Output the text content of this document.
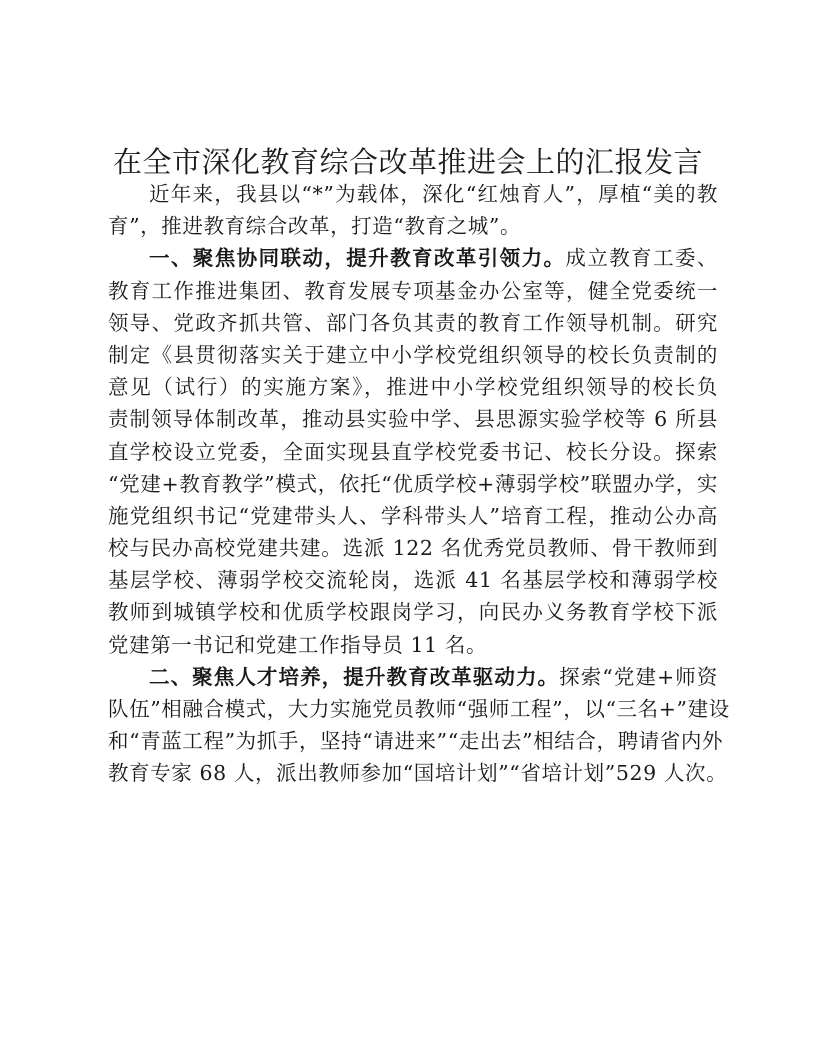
在全市深化教育综合改革推进会上的汇报发言
近年来，我县以“*”为载体，深化“红烛育人”，厚植“美的教
育”，推进教育综合改革，打造“教育之城”。
一、聚焦协同联动，提升教育改革引领力。成立教育工委、
教育工作推进集团、教育发展专项基金办公室等，健全党委统一
领导、党政齐抓共管、部门各负其责的教育工作领导机制。研究
制定《县贯彻落实关于建立中小学校党组织领导的校长负责制的
意见（试行）的实施方案》，推进中小学校党组织领导的校长负
责制领导体制改革，推动县实验中学、县思源实验学校等 6 所县
直学校设立党委，全面实现县直学校党委书记、校长分设。探索
“党建+教育教学”模式，依托“优质学校+薄弱学校”联盟办学，实
施党组织书记“党建带头人、学科带头人”培育工程，推动公办高
校与民办高校党建共建。选派 122 名优秀党员教师、骨干教师到
基层学校、薄弱学校交流轮岗，选派 41 名基层学校和薄弱学校
教师到城镇学校和优质学校跟岗学习，向民办义务教育学校下派
党建第一书记和党建工作指导员 11 名。
二、聚焦人才培养，提升教育改革驱动力。探索“党建+师资
队伍”相融合模式，大力实施党员教师“强师工程”，以“三名+”建设
和“青蓝工程”为抓手，坚持“请进来”“走出去”相结合，聘请省内外
教育专家 68 人，派出教师参加“国培计划”“省培计划”529 人次。
